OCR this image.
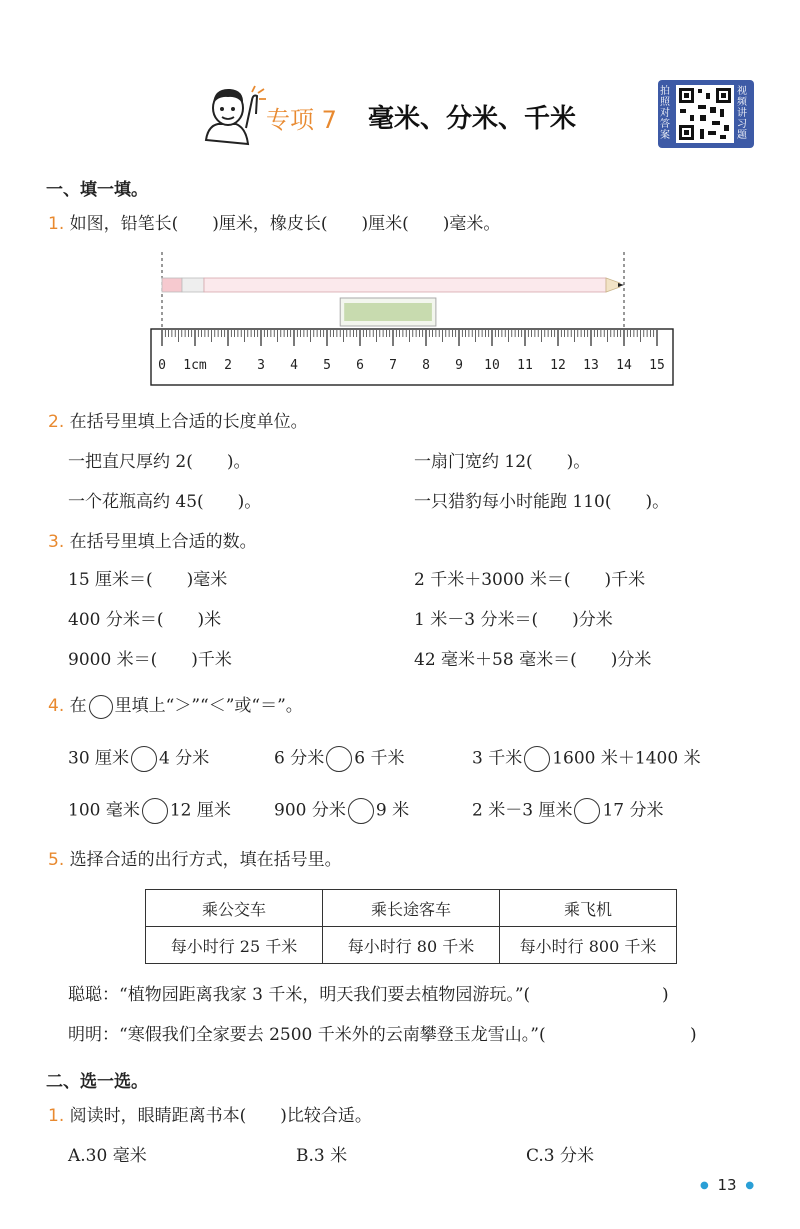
专项 7 毫米、分米、千米
拍照对答案
视频讲习题
一、填一填。
1. 如图，铅笔长(　　)厘米，橡皮长(　　)厘米(　　)毫米。
0 1cm 2 3 4 5 6 7 8 9 10 11 12 13 14 15
2. 在括号里填上合适的长度单位。
一把直尺厚约 2(　　)。	一扇门宽约 12(　　)。
一个花瓶高约 45(　　)。	一只猎豹每小时能跑 110(　　)。
3. 在括号里填上合适的数。
15 厘米＝(　　)毫米	2 千米＋3000 米＝(　　)千米
400 分米＝(　　)米	1 米－3 分米＝(　　)分米
9000 米＝(　　)千米	42 毫米＋58 毫米＝(　　)分米
4. 在 里填上“＞”“＜”或“＝”。
30 厘米 4 分米	6 分米 6 千米	3 千米 1600 米＋1400 米
100 毫米 12 厘米	900 分米 9 米	2 米－3 厘米 17 分米
5. 选择合适的出行方式，填在括号里。
乘公交车	乘长途客车	乘飞机
每小时行 25 千米	每小时行 80 千米	每小时行 800 千米
聪聪：“植物园距离我家 3 千米，明天我们要去植物园游玩。”(	)
明明：“寒假我们全家要去 2500 千米外的云南攀登玉龙雪山。”(	)
二、选一选。
1. 阅读时，眼睛距离书本(　　)比较合适。
A.30 毫米	B.3 米	C.3 分米
● 13 ●
